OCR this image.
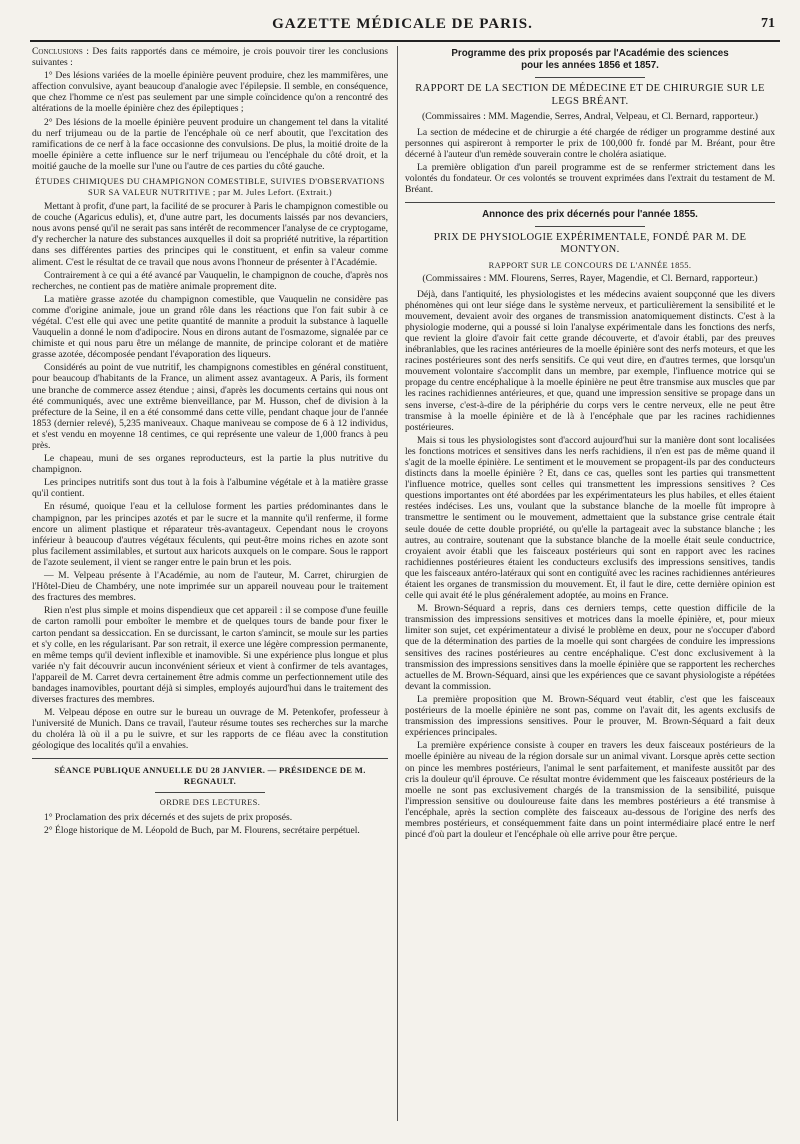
GAZETTE MÉDICALE DE PARIS.	71

Conclusions : Des faits rapportés dans ce mémoire, je crois pouvoir tirer les conclusions suivantes :

1° Des lésions variées de la moelle épinière peuvent produire, chez les mammifères, une affection convulsive, ayant beaucoup d'analogie avec l'épilepsie. Il semble, en conséquence, que chez l'homme ce n'est pas seulement par une simple coïncidence qu'on a rencontré des altérations de la moelle épinière chez des épileptiques ;

2° Des lésions de la moelle épinière peuvent produire un changement tel dans la vitalité du nerf trijumeau ou de la partie de l'encéphale où ce nerf aboutit, que l'excitation des ramifications de ce nerf à la face occasionne des convulsions. De plus, la moitié droite de la moelle épinière a cette influence sur le nerf trijumeau ou l'encéphale du côté droit, et la moitié gauche de la moelle sur l'une ou l'autre de ces parties du côté gauche.

ÉTUDES CHIMIQUES DU CHAMPIGNON COMESTIBLE, SUIVIES D'OBSERVATIONS SUR SA VALEUR NUTRITIVE ; par M. Jules Lefort. (Extrait.)

Mettant à profit, d'une part, la facilité de se procurer à Paris le champignon comestible ou de couche (Agaricus edulis), et, d'une autre part, les documents laissés par nos devanciers, nous avons pensé qu'il ne serait pas sans intérêt de recommencer l'analyse de ce cryptogame, d'y rechercher la nature des substances auxquelles il doit sa propriété nutritive, la répartition dans ses différentes parties des principes qui le constituent, et enfin sa valeur comme aliment. C'est le résultat de ce travail que nous avons l'honneur de présenter à l'Académie.

Contrairement à ce qui a été avancé par Vauquelin, le champignon de couche, d'après nos recherches, ne contient pas de matière animale proprement dite.

La matière grasse azotée du champignon comestible, que Vauquelin ne considère pas comme d'origine animale, joue un grand rôle dans les réactions que l'on fait subir à ce végétal. C'est elle qui avec une petite quantité de mannite a produit la substance à laquelle Vauquelin a donné le nom d'adipocire. Nous en dirons autant de l'osmazome, signalée par ce chimiste et qui nous paru être un mélange de mannite, de principe colorant et de matière grasse azotée, décomposée pendant l'évaporation des liqueurs.

Considérés au point de vue nutritif, les champignons comestibles en général constituent, pour beaucoup d'habitants de la France, un aliment assez avantageux. A Paris, ils forment une branche de commerce assez étendue ; ainsi, d'après les documents certains qui nous ont été communiqués, avec une extrême bienveillance, par M. Husson, chef de division à la préfecture de la Seine, il en a été consommé dans cette ville, pendant chaque jour de l'année 1853 (dernier relevé), 5,235 maniveaux. Chaque maniveau se compose de 6 à 12 individus, et s'est vendu en moyenne 18 centimes, ce qui représente une valeur de 1,000 francs à peu près.

Le chapeau, muni de ses organes reproducteurs, est la partie la plus nutritive du champignon.

Les principes nutritifs sont dus tout à la fois à l'albumine végétale et à la matière grasse qu'il contient.

En résumé, quoique l'eau et la cellulose forment les parties prédominantes dans le champignon, par les principes azotés et par le sucre et la mannite qu'il renferme, il forme encore un aliment plastique et réparateur très-avantageux. Cependant nous le croyons inférieur à beaucoup d'autres végétaux féculents, qui peut-être moins riches en azote sont plus facilement assimilables, et surtout aux haricots auxquels on le compare. Sous le rapport de l'azote seulement, il vient se ranger entre le pain brun et les pois.

— M. Velpeau présente à l'Académie, au nom de l'auteur, M. Carret, chirurgien de l'Hôtel-Dieu de Chambéry, une note imprimée sur un appareil nouveau pour le traitement des fractures des membres.

Rien n'est plus simple et moins dispendieux que cet appareil : il se compose d'une feuille de carton ramolli pour emboîter le membre et de quelques tours de bande pour fixer le carton pendant sa dessiccation. En se durcissant, le carton s'amincit, se moule sur les parties et s'y colle, en les régularisant. Par son retrait, il exerce une légère compression permanente, en même temps qu'il devient inflexible et inamovible. Si une expérience plus longue et plus variée n'y fait découvrir aucun inconvénient sérieux et vient à confirmer de tels avantages, l'appareil de M. Carret devra certainement être admis comme un perfectionnement utile des bandages inamovibles, pourtant déjà si simples, employés aujourd'hui dans le traitement des diverses fractures des membres.

M. Velpeau dépose en outre sur le bureau un ouvrage de M. Petenkofer, professeur à l'université de Munich. Dans ce travail, l'auteur résume toutes ses recherches sur la marche du choléra là où il a pu le suivre, et sur les rapports de ce fléau avec la constitution géologique des localités qu'il a envahies.

SÉANCE PUBLIQUE ANNUELLE DU 28 JANVIER. — PRÉSIDENCE DE M. REGNAULT.
ORDRE DES LECTURES.

1° Proclamation des prix décernés et des sujets de prix proposés.

2° Éloge historique de M. Léopold de Buch, par M. Flourens, secrétaire perpétuel.

Programme des prix proposés par l'Académie des sciences
pour les années 1856 et 1857.
RAPPORT DE LA SECTION DE MÉDECINE ET DE CHIRURGIE SUR LE LEGS BRÉANT.
(Commissaires : MM. Magendie, Serres, Andral, Velpeau, et Cl. Bernard, rapporteur.)

La section de médecine et de chirurgie a été chargée de rédiger un programme destiné aux personnes qui aspireront à remporter le prix de 100,000 fr. fondé par M. Bréant, pour être décerné à l'auteur d'un remède souverain contre le choléra asiatique.

La première obligation d'un pareil programme est de se renfermer strictement dans les volontés du fondateur. Or ces volontés se trouvent exprimées dans l'extrait du testament de M. Bréant.

Annonce des prix décernés pour l'année 1855.
PRIX DE PHYSIOLOGIE EXPÉRIMENTALE, FONDÉ PAR M. DE MONTYON.
RAPPORT SUR LE CONCOURS DE L'ANNÉE 1855.
(Commissaires : MM. Flourens, Serres, Rayer, Magendie, et Cl. Bernard, rapporteur.)

Déjà, dans l'antiquité, les physiologistes et les médecins avaient soupçonné que les divers phénomènes qui ont leur siége dans le système nerveux, et particulièrement la sensibilité et le mouvement, devaient avoir des organes de transmission anatomiquement distincts. C'est à la physiologie moderne, qui a poussé si loin l'analyse expérimentale dans les fonctions des nerfs, que revient la gloire d'avoir fait cette grande découverte, et d'avoir établi, par des preuves inébranlables, que les racines antérieures de la moelle épinière sont des nerfs moteurs, et que les racines postérieures sont des nerfs sensitifs. Ce qui veut dire, en d'autres termes, que lorsqu'un mouvement volontaire s'accomplit dans un membre, par exemple, l'influence motrice qui se propage du centre encéphalique à la moelle épinière ne peut être transmise aux muscles que par les racines rachidiennes antérieures, et que, quand une impression sensitive se propage dans un sens inverse, c'est-à-dire de la périphérie du corps vers le centre nerveux, elle ne peut être transmise à la moelle épinière et de là à l'encéphale que par les racines rachidiennes postérieures.

Mais si tous les physiologistes sont d'accord aujourd'hui sur la manière dont sont localisées les fonctions motrices et sensitives dans les nerfs rachidiens, il n'en est pas de même quand il s'agit de la moelle épinière. Le sentiment et le mouvement se propagent-ils par des conducteurs distincts dans la moelle épinière ? Et, dans ce cas, quelles sont les parties qui transmettent l'influence motrice, quelles sont celles qui transmettent les impressions sensitives ? Ces questions importantes ont été abordées par les expérimentateurs les plus habiles, et elles étaient restées indécises. Les uns, voulant que la substance blanche de la moelle fût impropre à transmettre le sentiment ou le mouvement, admettaient que la substance grise centrale était seule douée de cette double propriété, ou qu'elle la partageait avec la substance blanche ; les autres, au contraire, soutenant que la substance blanche de la moelle était seule conductrice, croyaient avoir établi que les faisceaux postérieurs qui sont en rapport avec les racines rachidiennes postérieures étaient les conducteurs exclusifs des impressions sensitives, tandis que les faisceaux antéro-latéraux qui sont en contiguïté avec les racines rachidiennes antérieures étaient les organes de transmission du mouvement. Et, il faut le dire, cette dernière opinion est celle qui avait été le plus généralement adoptée, au moins en France.

M. Brown-Séquard a repris, dans ces derniers temps, cette question difficile de la transmission des impressions sensitives et motrices dans la moelle épinière, et, pour mieux limiter son sujet, cet expérimentateur a divisé le problème en deux, pour ne s'occuper d'abord que de la détermination des parties de la moelle qui sont chargées de conduire les impressions sensitives des racines postérieures au centre encéphalique. C'est donc exclusivement à la transmission des impressions sensitives dans la moelle épinière que se rapportent les recherches actuelles de M. Brown-Séquard, ainsi que les expériences que ce savant physiologiste a répétées devant la commission.

La première proposition que M. Brown-Séquard veut établir, c'est que les faisceaux postérieurs de la moelle épinière ne sont pas, comme on l'avait dit, les agents exclusifs de transmission des impressions sensitives. Pour le prouver, M. Brown-Séquard a fait deux expériences principales.

La première expérience consiste à couper en travers les deux faisceaux postérieurs de la moelle épinière au niveau de la région dorsale sur un animal vivant. Lorsque après cette section on pince les membres postérieurs, l'animal le sent parfaitement, et manifeste aussitôt par des cris la douleur qu'il éprouve. Ce résultat montre évidemment que les faisceaux postérieurs de la moelle ne sont pas exclusivement chargés de la transmission de la sensibilité, puisque l'impression sensitive ou douloureuse faite dans les membres postérieurs a été transmise à l'encéphale, après la section complète des faisceaux au-dessous de l'origine des nerfs des membres postérieurs, et conséquemment faite dans un point intermédiaire placé entre le nerf pincé d'où part la douleur et l'encéphale où elle arrive pour être perçue.
